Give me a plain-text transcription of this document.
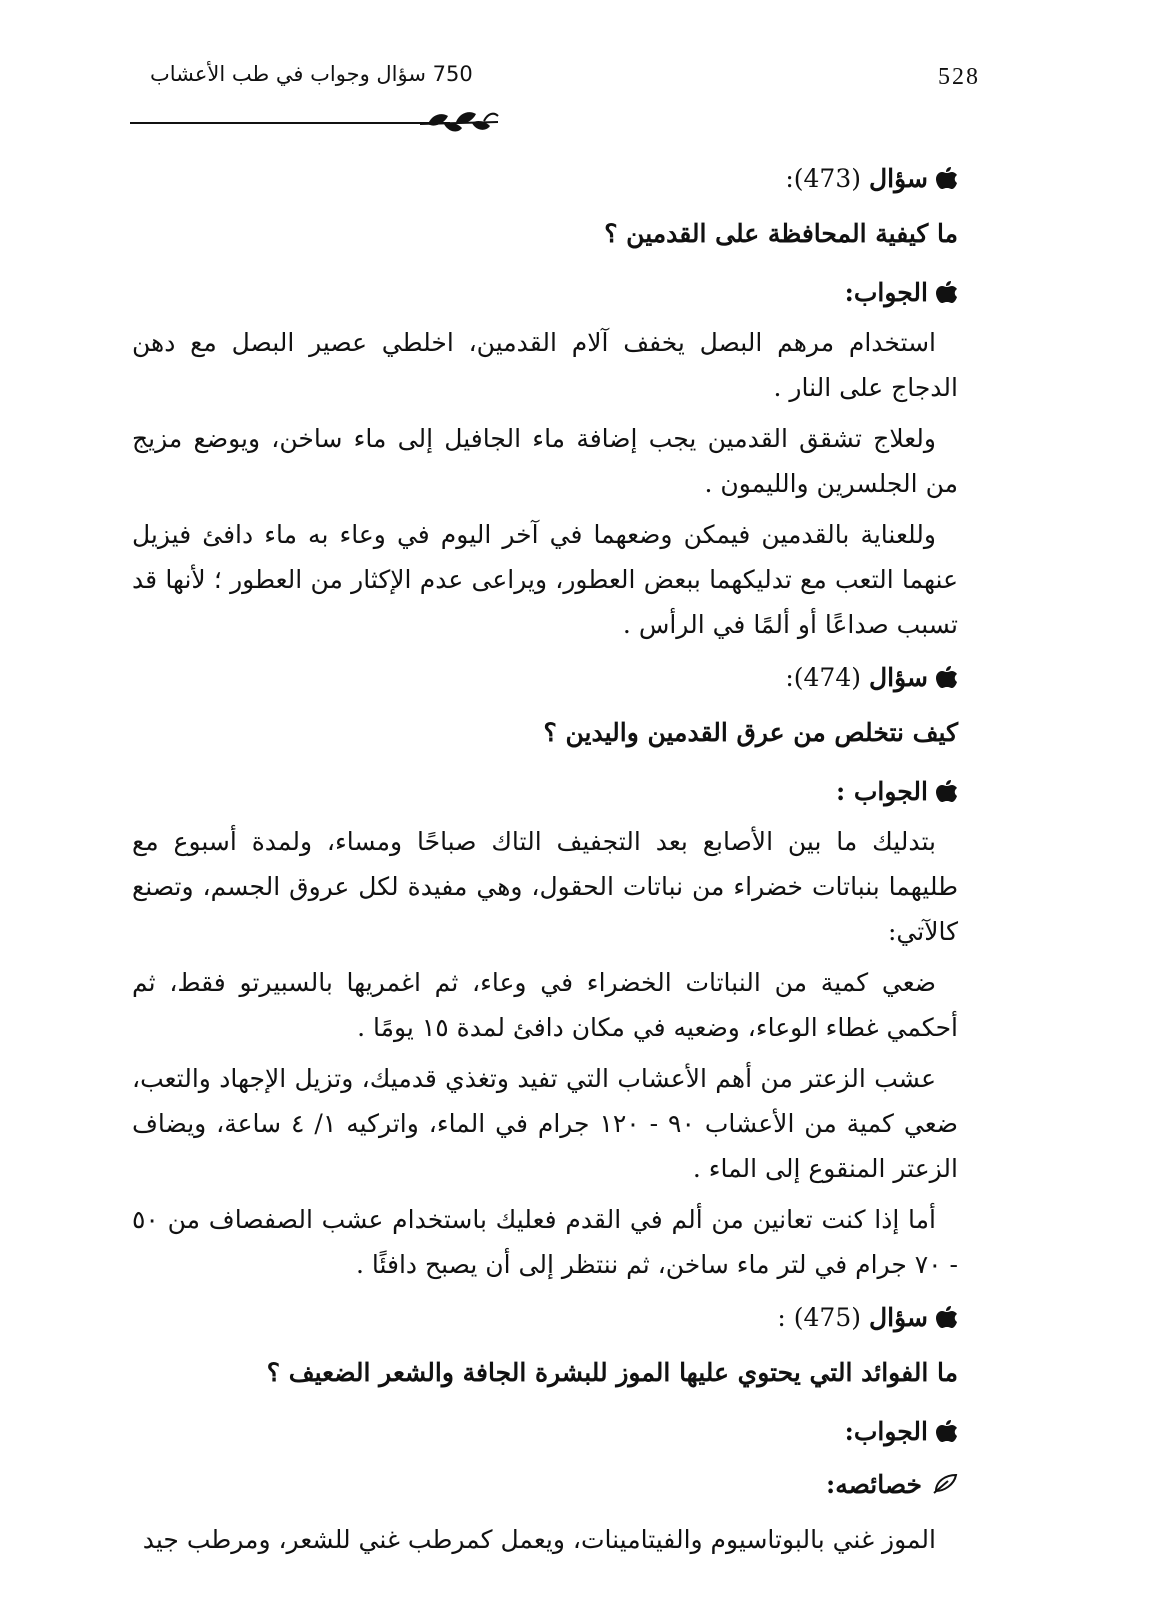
528
750 سؤال وجواب في طب الأعشاب
سؤال
(473):
ما كيفية المحافظة على القدمين ؟
الجواب:

استخدام مرهم البصل يخفف آلام القدمين، اخلطي عصير البصل مع دهن الدجاج على النار .

ولعلاج تشقق القدمين يجب إضافة ماء الجافيل إلى ماء ساخن، ويوضع مزيج من الجلسرين والليمون .

وللعناية بالقدمين فيمكن وضعهما في آخر اليوم في وعاء به ماء دافئ فيزيل عنهما التعب مع تدليكهما ببعض العطور، ويراعى عدم الإكثار من العطور ؛ لأنها قد تسبب صداعًا أو ألمًا في الرأس .

سؤال
(474):
كيف نتخلص من عرق القدمين واليدين ؟
الجواب :

بتدليك ما بين الأصابع بعد التجفيف التاك صباحًا ومساء، ولمدة أسبوع مع طليهما بنباتات خضراء من نباتات الحقول، وهي مفيدة لكل عروق الجسم، وتصنع كالآتي:

ضعي كمية من النباتات الخضراء في وعاء، ثم اغمريها بالسبيرتو فقط، ثم أحكمي غطاء الوعاء، وضعيه في مكان دافئ لمدة ١٥ يومًا .

عشب الزعتر من أهم الأعشاب التي تفيد وتغذي قدميك، وتزيل الإجهاد والتعب، ضعي كمية من الأعشاب ٩٠ - ١٢٠ جرام في الماء، واتركيه ١/ ٤ ساعة، ويضاف الزعتر المنقوع إلى الماء .

أما إذا كنت تعانين من ألم في القدم فعليك باستخدام عشب الصفصاف من ٥٠ - ٧٠ جرام في لتر ماء ساخن، ثم ننتظر إلى أن يصبح دافئًا .

سؤال
(475) :
ما الفوائد التي يحتوي عليها الموز للبشرة الجافة والشعر الضعيف ؟
الجواب:
خصائصه:

الموز غني بالبوتاسيوم والفيتامينات، ويعمل كمرطب غني للشعر، ومرطب جيد
